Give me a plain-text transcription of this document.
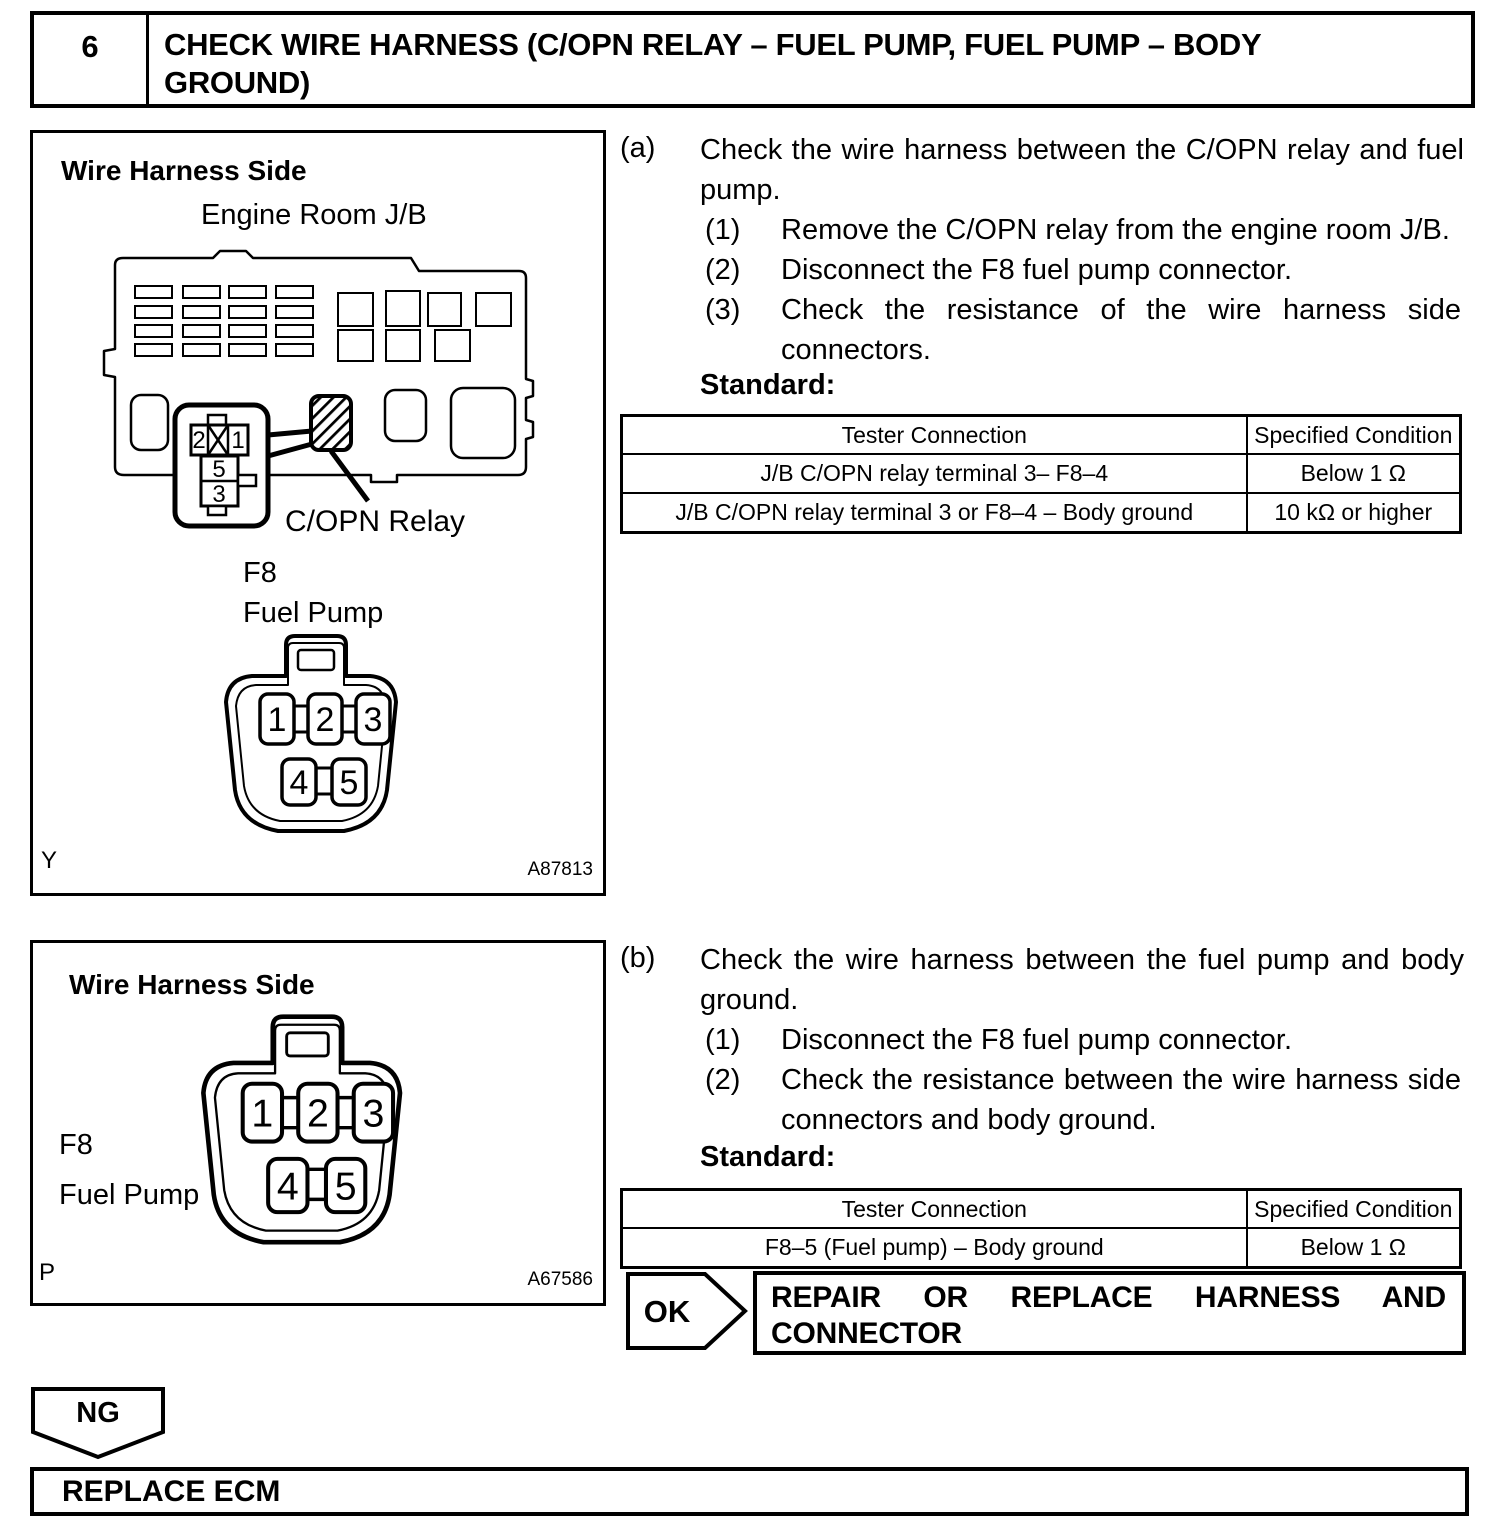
6	CHECK WIRE HARNESS (C/OPN RELAY – FUEL PUMP, FUEL PUMP – BODY GROUND)
Wire Harness Side
Engine Room J/B
2 1
5
3
C/OPN Relay
F8
Fuel Pump
1 2 3
4 5
Y	A87813
Wire Harness Side
1 2 3
4 5
F8
Fuel Pump
P	A67586
(a) Check the wire harness between the C/OPN relay and fuel pump.
(1)	Remove the C/OPN relay from the engine room J/B.
(2)	Disconnect the F8 fuel pump connector.
(3)	Check the resistance of the wire harness side connectors.
Standard:
Tester Connection	Specified Condition
J/B C/OPN relay terminal 3– F8–4	Below 1 Ω
J/B C/OPN relay terminal 3 or F8–4 – Body ground	10 kΩ or higher
(b) Check the wire harness between the fuel pump and body ground.
(1)	Disconnect the F8 fuel pump connector.
(2)	Check the resistance between the wire harness side connectors and body ground.
Standard:
Tester Connection	Specified Condition
F8–5 (Fuel pump) – Body ground	Below 1 Ω
OK	REPAIR OR REPLACE HARNESS AND CONNECTOR
NG
REPLACE ECM
